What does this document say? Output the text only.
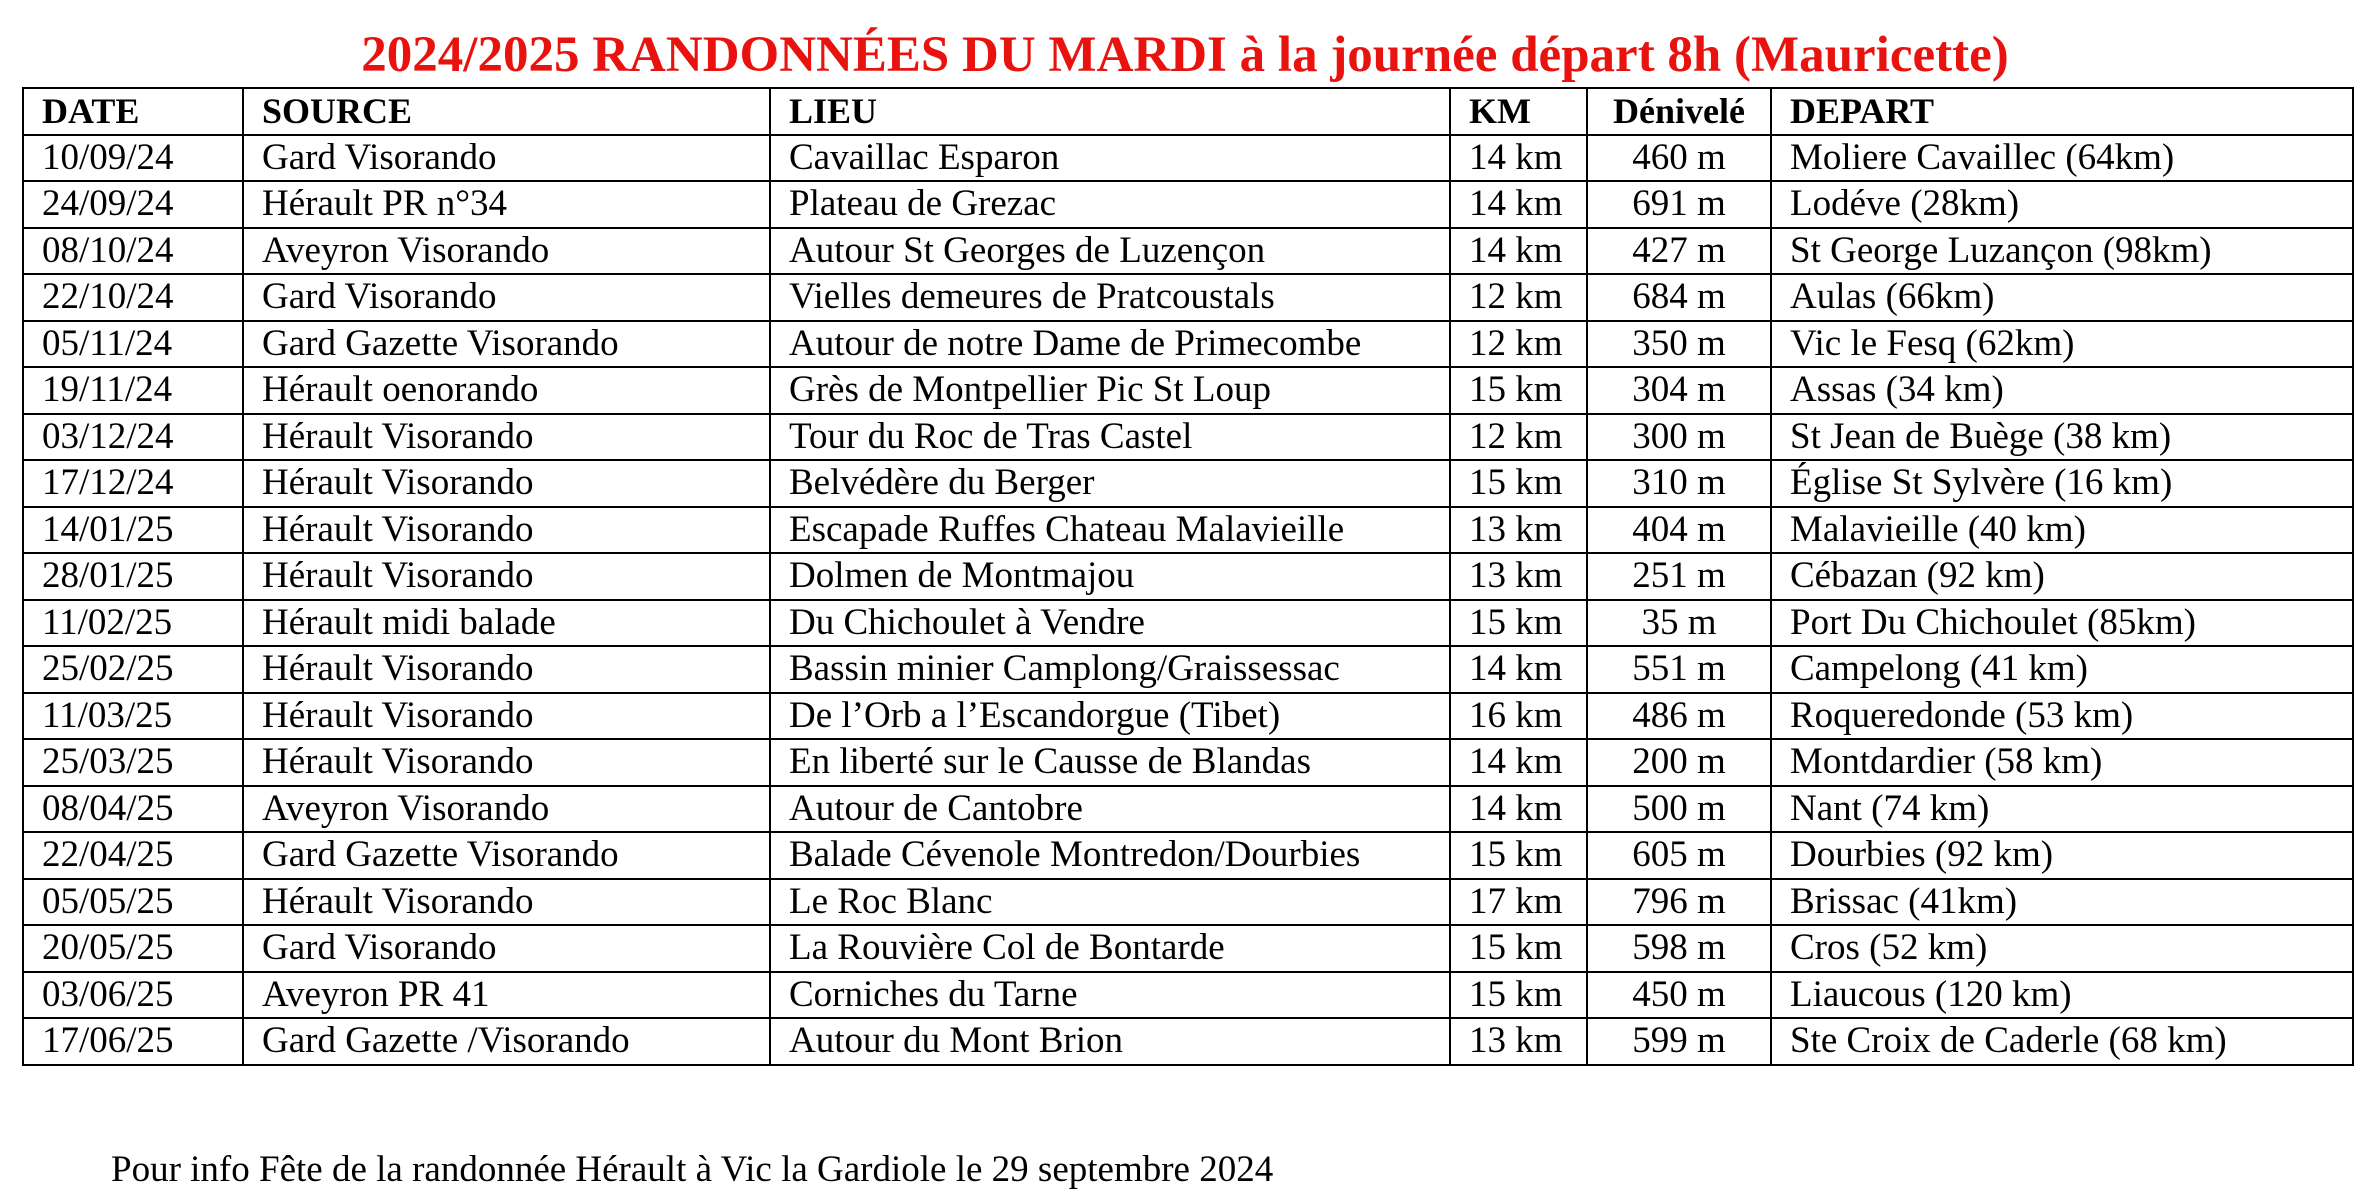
2024/2025 RANDONNÉES DU MARDI à la journée départ 8h (Mauricette)
DATE	SOURCE	LIEU	KM	Dénivelé	DEPART
10/09/24	Gard Visorando	Cavaillac Esparon	14 km	460 m	Moliere Cavaillec (64km)
24/09/24	Hérault PR n°34	Plateau de Grezac	14 km	691 m	Lodéve (28km)
08/10/24	Aveyron Visorando	Autour St Georges de Luzençon	14 km	427 m	St George Luzançon (98km)
22/10/24	Gard Visorando	Vielles demeures de Pratcoustals	12 km	684 m	Aulas (66km)
05/11/24	Gard Gazette Visorando	Autour de notre Dame de Primecombe	12 km	350 m	Vic le Fesq (62km)
19/11/24	Hérault oenorando	Grès de Montpellier Pic St Loup	15 km	304 m	Assas (34 km)
03/12/24	Hérault Visorando	Tour du Roc de Tras Castel	12 km	300 m	St Jean de Buège (38 km)
17/12/24	Hérault Visorando	Belvédère du Berger	15 km	310 m	Église St Sylvère (16 km)
14/01/25	Hérault Visorando	Escapade Ruffes Chateau Malavieille	13 km	404 m	Malavieille (40 km)
28/01/25	Hérault Visorando	Dolmen de Montmajou	13 km	251 m	Cébazan (92 km)
11/02/25	Hérault midi balade	Du Chichoulet à Vendre	15 km	35 m	Port Du Chichoulet (85km)
25/02/25	Hérault Visorando	Bassin minier Camplong/Graissessac	14 km	551 m	Campelong (41 km)
11/03/25	Hérault Visorando	De l’Orb a l’Escandorgue (Tibet)	16 km	486 m	Roqueredonde (53 km)
25/03/25	Hérault Visorando	En liberté sur le Causse de Blandas	14 km	200 m	Montdardier (58 km)
08/04/25	Aveyron Visorando	Autour de Cantobre	14 km	500 m	Nant (74 km)
22/04/25	Gard Gazette Visorando	Balade Cévenole Montredon/Dourbies	15 km	605 m	Dourbies (92 km)
05/05/25	Hérault Visorando	Le Roc Blanc	17 km	796 m	Brissac (41km)
20/05/25	Gard Visorando	La Rouvière Col de Bontarde	15 km	598 m	Cros (52 km)
03/06/25	Aveyron PR 41	Corniches du Tarne	15 km	450 m	Liaucous (120 km)
17/06/25	Gard Gazette /Visorando	Autour du Mont Brion	13 km	599 m	Ste Croix de Caderle (68 km)
Pour info Fête de la randonnée Hérault à Vic la Gardiole le 29 septembre 2024
